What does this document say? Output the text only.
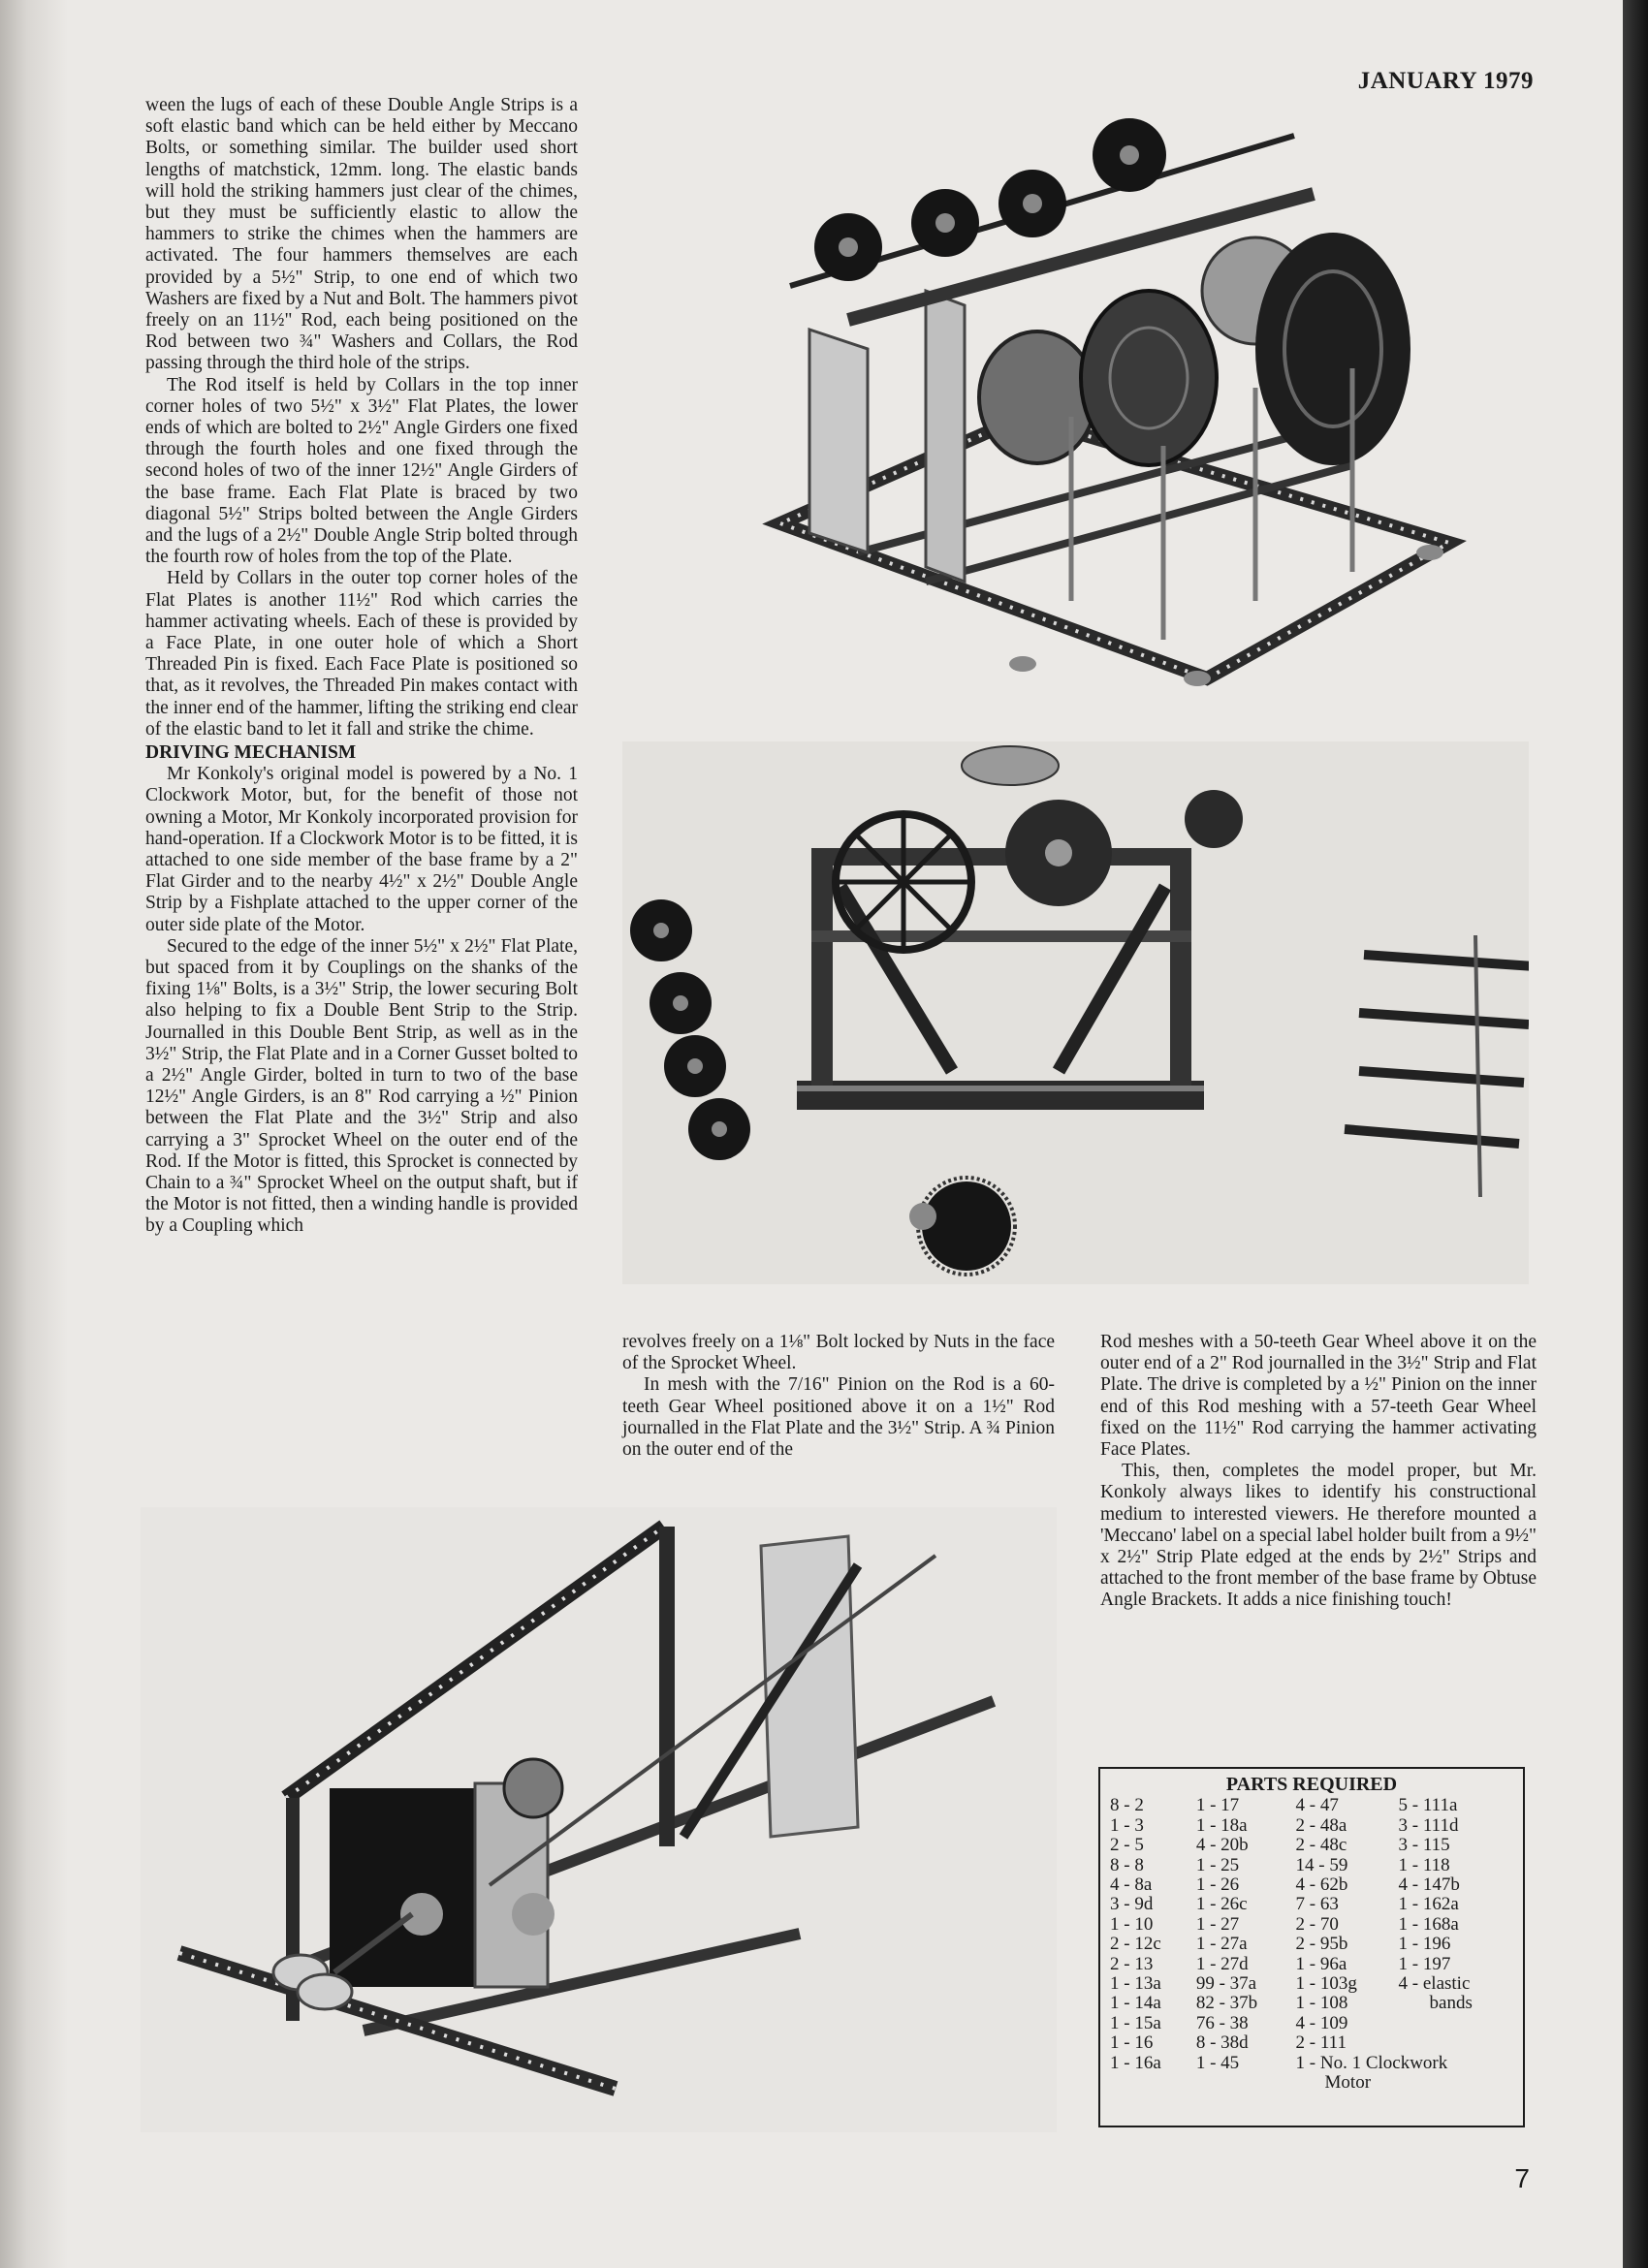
JANUARY 1979

ween the lugs of each of these Double Angle Strips is a soft elastic band which can be held either by Meccano Bolts, or something similar. The builder used short lengths of matchstick, 12mm. long. The elastic bands will hold the striking hammers just clear of the chimes, but they must be sufficiently elastic to allow the hammers to strike the chimes when the hammers are activated. The four hammers themselves are each provided by a 5½" Strip, to one end of which two Washers are fixed by a Nut and Bolt. The hammers pivot freely on an 11½" Rod, each being positioned on the Rod between two ¾" Washers and Collars, the Rod passing through the third hole of the strips.

The Rod itself is held by Collars in the top inner corner holes of two 5½" x 3½" Flat Plates, the lower ends of which are bolted to 2½" Angle Girders one fixed through the fourth holes and one fixed through the second holes of two of the inner 12½" Angle Girders of the base frame. Each Flat Plate is braced by two diagonal 5½" Strips bolted between the Angle Girders and the lugs of a 2½" Double Angle Strip bolted through the fourth row of holes from the top of the Plate.

Held by Collars in the outer top corner holes of the Flat Plates is another 11½" Rod which carries the hammer activating wheels. Each of these is provided by a Face Plate, in one outer hole of which a Short Threaded Pin is fixed. Each Face Plate is positioned so that, as it revolves, the Threaded Pin makes contact with the inner end of the hammer, lifting the striking end clear of the elastic band to let it fall and strike the chime.

DRIVING MECHANISM

Mr Konkoly's original model is powered by a No. 1 Clockwork Motor, but, for the benefit of those not owning a Motor, Mr Konkoly incorporated provision for hand-operation. If a Clockwork Motor is to be fitted, it is attached to one side member of the base frame by a 2" Flat Girder and to the nearby 4½" x 2½" Double Angle Strip by a Fishplate attached to the upper corner of the outer side plate of the Motor.

Secured to the edge of the inner 5½" x 2½" Flat Plate, but spaced from it by Couplings on the shanks of the fixing 1⅛" Bolts, is a 3½" Strip, the lower securing Bolt also helping to fix a Double Bent Strip to the Strip. Journalled in this Double Bent Strip, as well as in the 3½" Strip, the Flat Plate and in a Corner Gusset bolted to a 2½" Angle Girder, bolted in turn to two of the base 12½" Angle Girders, is an 8" Rod carrying a ½" Pinion between the Flat Plate and the 3½" Strip and also carrying a 3" Sprocket Wheel on the outer end of the Rod. If the Motor is fitted, this Sprocket is connected by Chain to a ¾" Sprocket Wheel on the output shaft, but if the Motor is not fitted, then a winding handle is provided by a Coupling which

revolves freely on a 1⅛" Bolt locked by Nuts in the face of the Sprocket Wheel.

In mesh with the 7/16" Pinion on the Rod is a 60-teeth Gear Wheel positioned above it on a 1½" Rod journalled in the Flat Plate and the 3½" Strip. A ¾ Pinion on the outer end of the

Rod meshes with a 50-teeth Gear Wheel above it on the outer end of a 2" Rod journalled in the 3½" Strip and Flat Plate. The drive is completed by a ½" Pinion on the inner end of this Rod meshing with a 57-teeth Gear Wheel fixed on the 11½" Rod carrying the hammer activating Face Plates.

This, then, completes the model proper, but Mr. Konkoly always likes to identify his constructional medium to interested viewers. He therefore mounted a 'Meccano' label on a special label holder built from a 9½" x 2½" Strip Plate edged at the ends by 2½" Strips and attached to the front member of the base frame by Obtuse Angle Brackets. It adds a nice finishing touch!

PARTS REQUIRED
8 - 2
1 - 3
2 - 5
8 - 8
4 - 8a
3 - 9d
1 - 10
2 - 12c
2 - 13
1 - 13a
1 - 14a
1 - 15a
1 - 16
1 - 16a
1 - 17
1 - 18a
4 - 20b
1 - 25
1 - 26
1 - 26c
1 - 27
1 - 27a
1 - 27d
99 - 37a
82 - 37b
76 - 38
8 - 38d
1 - 45
4 - 47
2 - 48a
2 - 48c
14 - 59
4 - 62b
7 - 63
2 - 70
2 - 95b
1 - 96a
1 - 103g
1 - 108
4 - 109
2 - 111
1 - No. 1 Clockwork
Motor
5 - 111a
3 - 111d
3 - 115
1 - 118
4 - 147b
1 - 162a
1 - 168a
1 - 196
1 - 197
4 - elastic
bands
7
